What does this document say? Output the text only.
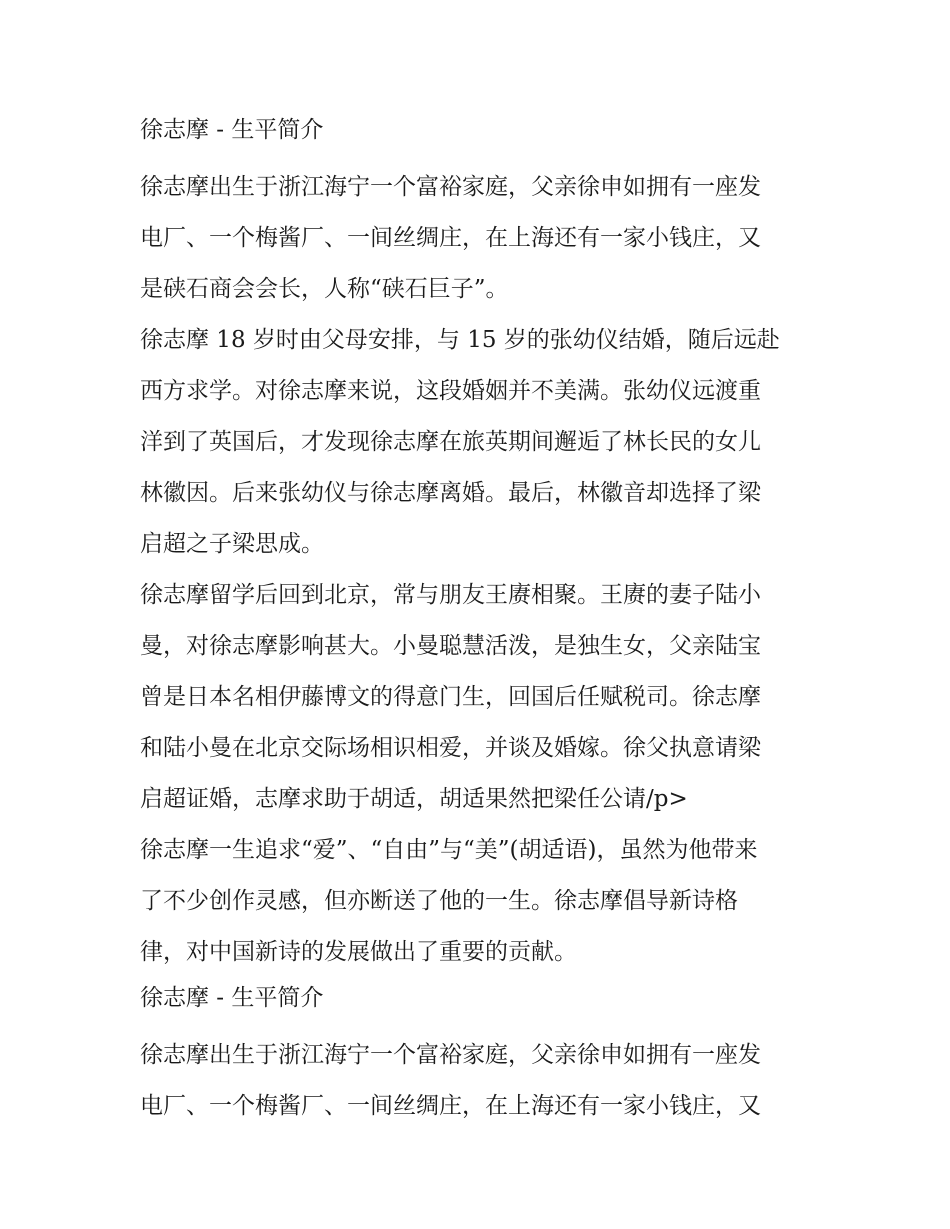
徐志摩 - 生平简介
徐志摩出生于浙江海宁一个富裕家庭，父亲徐申如拥有一座发
电厂、一个梅酱厂、一间丝绸庄，在上海还有一家小钱庄，又
是硖石商会会长，人称“硖石巨子”。
徐志摩 18 岁时由父母安排，与 15 岁的张幼仪结婚，随后远赴
西方求学。对徐志摩来说，这段婚姻并不美满。张幼仪远渡重
洋到了英国后，才发现徐志摩在旅英期间邂逅了林长民的女儿
林徽因。后来张幼仪与徐志摩离婚。最后，林徽音却选择了梁
启超之子梁思成。
徐志摩留学后回到北京，常与朋友王赓相聚。王赓的妻子陆小
曼，对徐志摩影响甚大。小曼聪慧活泼，是独生女，父亲陆宝
曾是日本名相伊藤博文的得意门生，回国后任赋税司。徐志摩
和陆小曼在北京交际场相识相爱，并谈及婚嫁。徐父执意请梁
启超证婚，志摩求助于胡适，胡适果然把梁任公请/p>
徐志摩一生追求“爱”、“自由”与“美”(胡适语)，虽然为他带来
了不少创作灵感，但亦断送了他的一生。徐志摩倡导新诗格
律，对中国新诗的发展做出了重要的贡献。
徐志摩 - 生平简介
徐志摩出生于浙江海宁一个富裕家庭，父亲徐申如拥有一座发
电厂、一个梅酱厂、一间丝绸庄，在上海还有一家小钱庄，又
